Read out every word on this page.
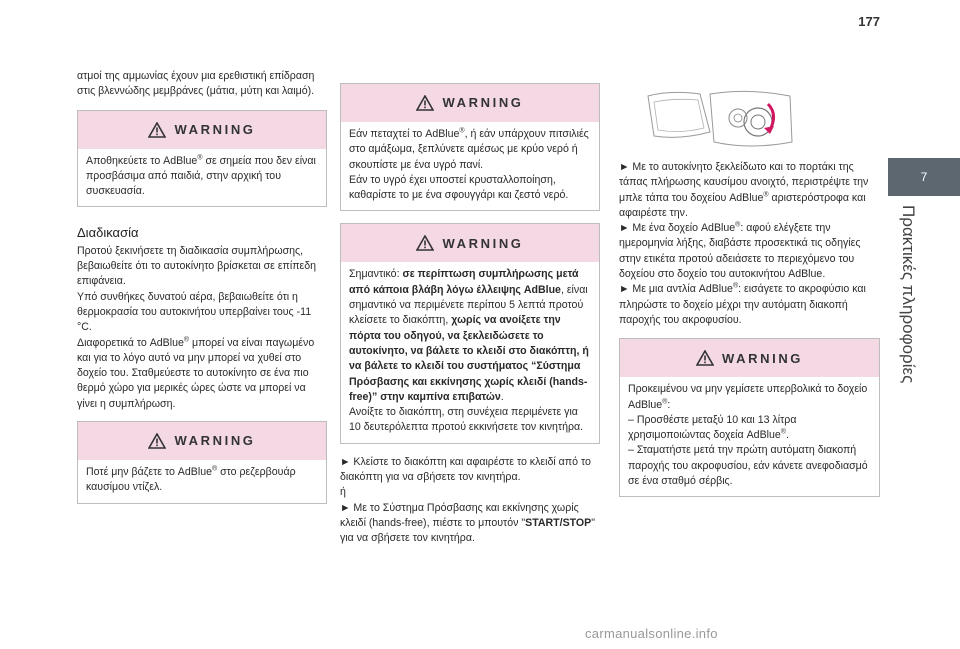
177
7
Πρακτικές πληροφορίες

ατμοί της αμμωνίας έχουν μια ερεθιστική επίδραση στις βλεννώδης μεμβράνες (μάτια, μύτη και λαιμό).

WARNING
Αποθηκεύετε το AdBlue® σε σημεία που δεν είναι προσβάσιμα από παιδιά, στην αρχική του συσκευασία.
Διαδικασία

Προτού ξεκινήσετε τη διαδικασία συμπλήρωσης, βεβαιωθείτε ότι το αυτοκίνητο βρίσκεται σε επίπεδη επιφάνεια.

Υπό συνθήκες δυνατού αέρα, βεβαιωθείτε ότι η θερμοκρασία του αυτοκινήτου υπερβαίνει τους -11 °C.

Διαφορετικά το AdBlue® μπορεί να είναι παγωμένο και για το λόγο αυτό να μην μπορεί να χυθεί στο δοχείο του. Σταθμεύεστε το αυτοκίνητο σε ένα πιο θερμό χώρο για μερικές ώρες ώστε να μπορεί να γίνει η συμπλήρωση.

WARNING
Ποτέ μην βάζετε το AdBlue® στο ρεζερβουάρ καυσίμου ντίζελ.
WARNING
Εάν πεταχτεί το AdBlue®, ή εάν υπάρχουν πιτσιλιές στο αμάξωμα, ξεπλύνετε αμέσως με κρύο νερό ή σκουπίστε με ένα υγρό πανί.
Εάν το υγρό έχει υποστεί κρυσταλλοποίηση, καθαρίστε το με ένα σφουγγάρι και ζεστό νερό.
WARNING
Σημαντικό: σε περίπτωση συμπλήρωσης μετά από κάποια βλάβη λόγω έλλειψης AdBlue, είναι σημαντικό να περιμένετε περίπου 5 λεπτά προτού κλείσετε το διακόπτη, χωρίς να ανοίξετε την πόρτα του οδηγού, να ξεκλειδώσετε το αυτοκίνητο, να βάλετε το κλειδί στο διακόπτη, ή να βάλετε το κλειδί του συστήματος “Σύστημα Πρόσβασης και εκκίνησης χωρίς κλειδί (hands-free)” στην καμπίνα επιβατών.
Ανοίξτε το διακόπτη, στη συνέχεια περιμένετε για 10 δευτερόλεπτα προτού εκκινήσετε τον κινητήρα.

► Κλείστε το διακόπτη και αφαιρέστε το κλειδί από το διακόπτη για να σβήσετε τον κινητήρα.

ή

► Με το Σύστημα Πρόσβασης και εκκίνησης χωρίς κλειδί (hands-free), πιέστε το μπουτόν "START/STOP" για να σβήσετε τον κινητήρα.

► Με το αυτοκίνητο ξεκλείδωτο και το πορτάκι της τάπας πλήρωσης καυσίμου ανοιχτό, περιστρέψτε την μπλε τάπα του δοχείου AdBlue® αριστερόστροφα και αφαιρέστε την.

► Με ένα δοχείο AdBlue®: αφού ελέγξετε την ημερομηνία λήξης, διαβάστε προσεκτικά τις οδηγίες στην ετικέτα προτού αδειάσετε το περιεχόμενο του δοχείου στο δοχείο του αυτοκινήτου AdBlue.

► Με μια αντλία AdBlue®: εισάγετε το ακροφύσιο και πληρώστε το δοχείο μέχρι την αυτόματη διακοπή παροχής του ακροφυσίου.

WARNING
Προκειμένου να μην γεμίσετε υπερβολικά το δοχείο AdBlue®:
– Προσθέστε μεταξύ 10 και 13 λίτρα χρησιμοποιώντας δοχεία AdBlue®.
– Σταματήστε μετά την πρώτη αυτόματη διακοπή παροχής του ακροφυσίου, εάν κάνετε ανεφοδιασμό σε ένα σταθμό σέρβις.
carmanualsonline.info
